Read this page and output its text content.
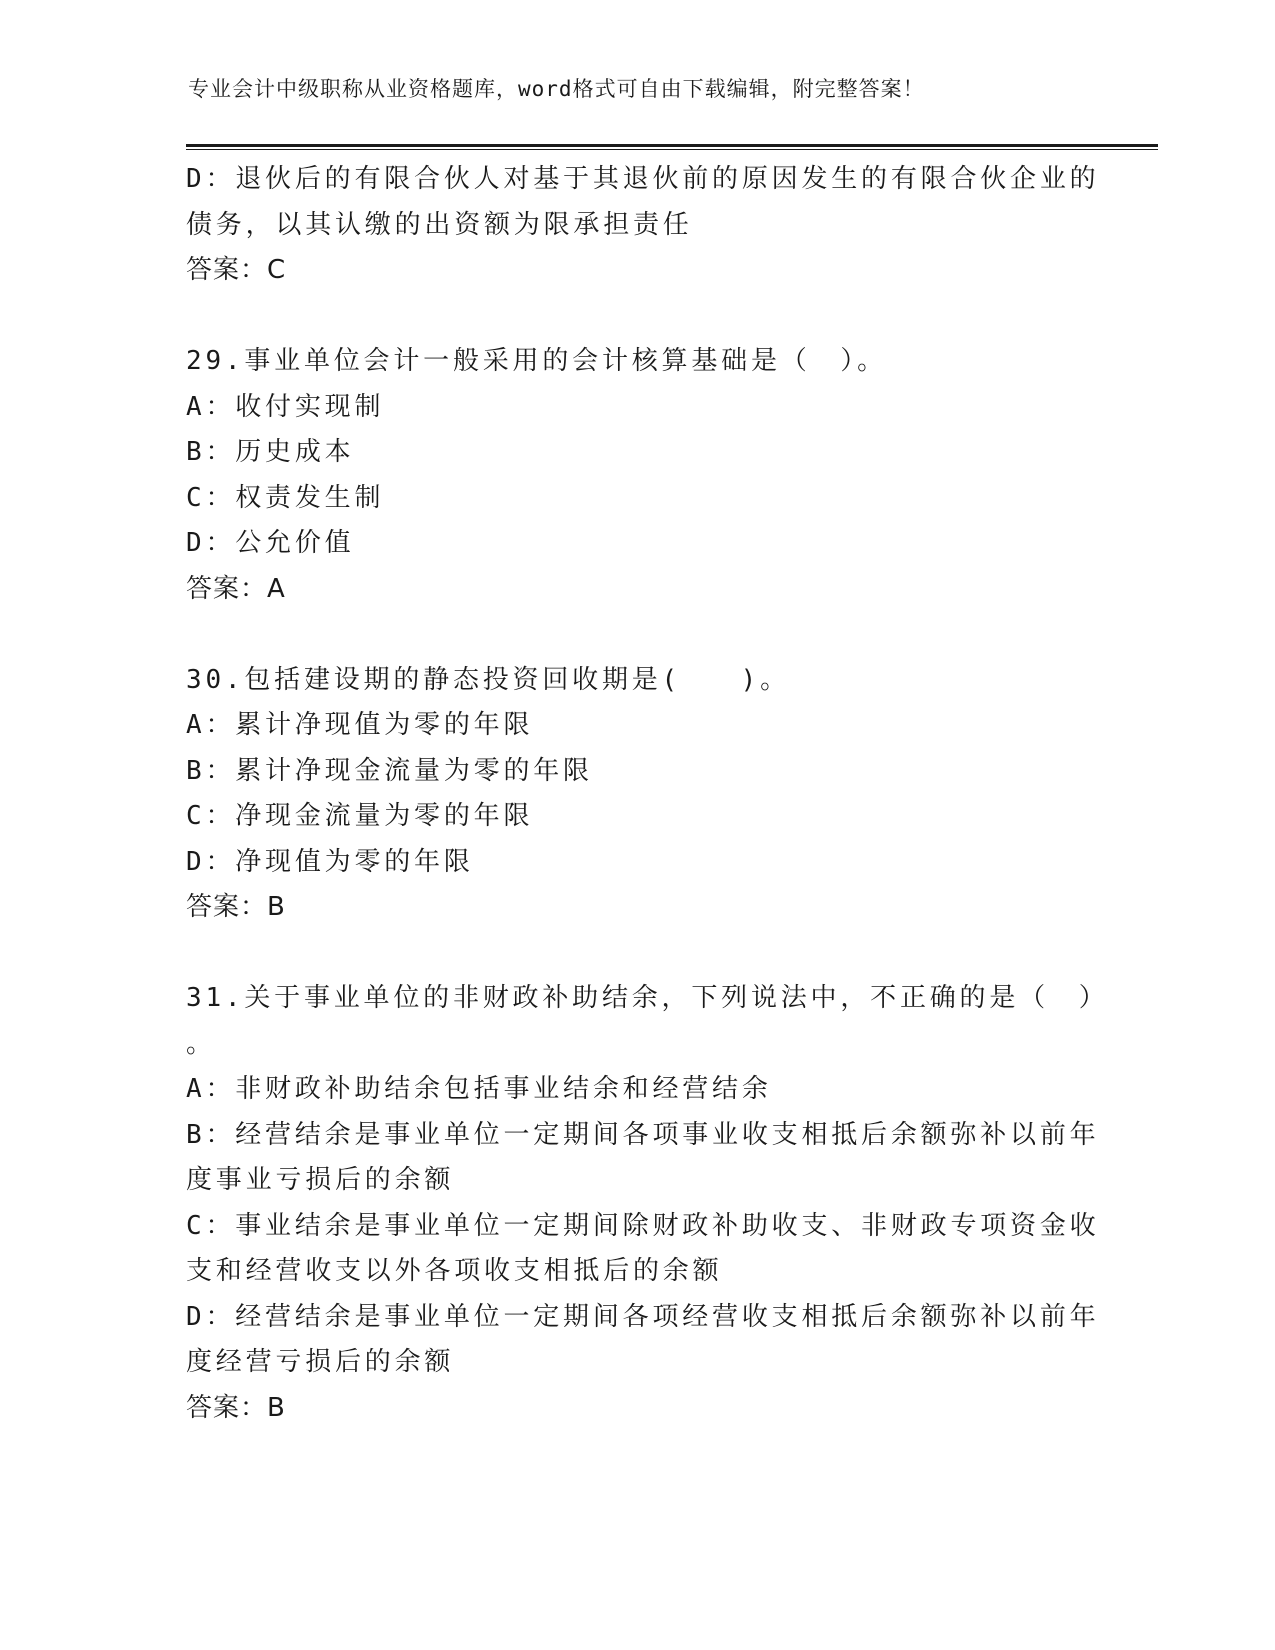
专业会计中级职称从业资格题库，word格式可自由下载编辑，附完整答案！

D：退伙后的有限合伙人对基于其退伙前的原因发生的有限合伙企业的

债务，以其认缴的出资额为限承担责任

答案：C

29.事业单位会计一般采用的会计核算基础是（　）。

A：收付实现制

B：历史成本

C：权责发生制

D：公允价值

答案：A

30.包括建设期的静态投资回收期是(　　)。

A：累计净现值为零的年限

B：累计净现金流量为零的年限

C：净现金流量为零的年限

D：净现值为零的年限

答案：B

31.关于事业单位的非财政补助结余，下列说法中，不正确的是（　）

。

A：非财政补助结余包括事业结余和经营结余

B：经营结余是事业单位一定期间各项事业收支相抵后余额弥补以前年

度事业亏损后的余额

C：事业结余是事业单位一定期间除财政补助收支、非财政专项资金收

支和经营收支以外各项收支相抵后的余额

D：经营结余是事业单位一定期间各项经营收支相抵后余额弥补以前年

度经营亏损后的余额

答案：B
